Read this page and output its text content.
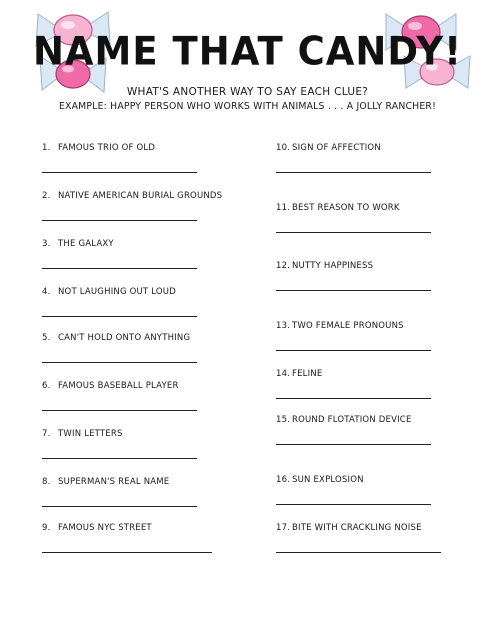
NAME THAT CANDY!
WHAT'S ANOTHER WAY TO SAY EACH CLUE?
EXAMPLE: HAPPY PERSON WHO WORKS WITH ANIMALS . . . A JOLLY RANCHER!
1. FAMOUS TRIO OF OLD
2. NATIVE AMERICAN BURIAL GROUNDS
3. THE GALAXY
4. NOT LAUGHING OUT LOUD
5. CAN'T HOLD ONTO ANYTHING
6. FAMOUS BASEBALL PLAYER
7. TWIN LETTERS
8. SUPERMAN'S REAL NAME
9. FAMOUS NYC STREET
10. SIGN OF AFFECTION
11. BEST REASON TO WORK
12. NUTTY HAPPINESS
13. TWO FEMALE PRONOUNS
14. FELINE
15. ROUND FLOTATION DEVICE
16. SUN EXPLOSION
17. BITE WITH CRACKLING NOISE
